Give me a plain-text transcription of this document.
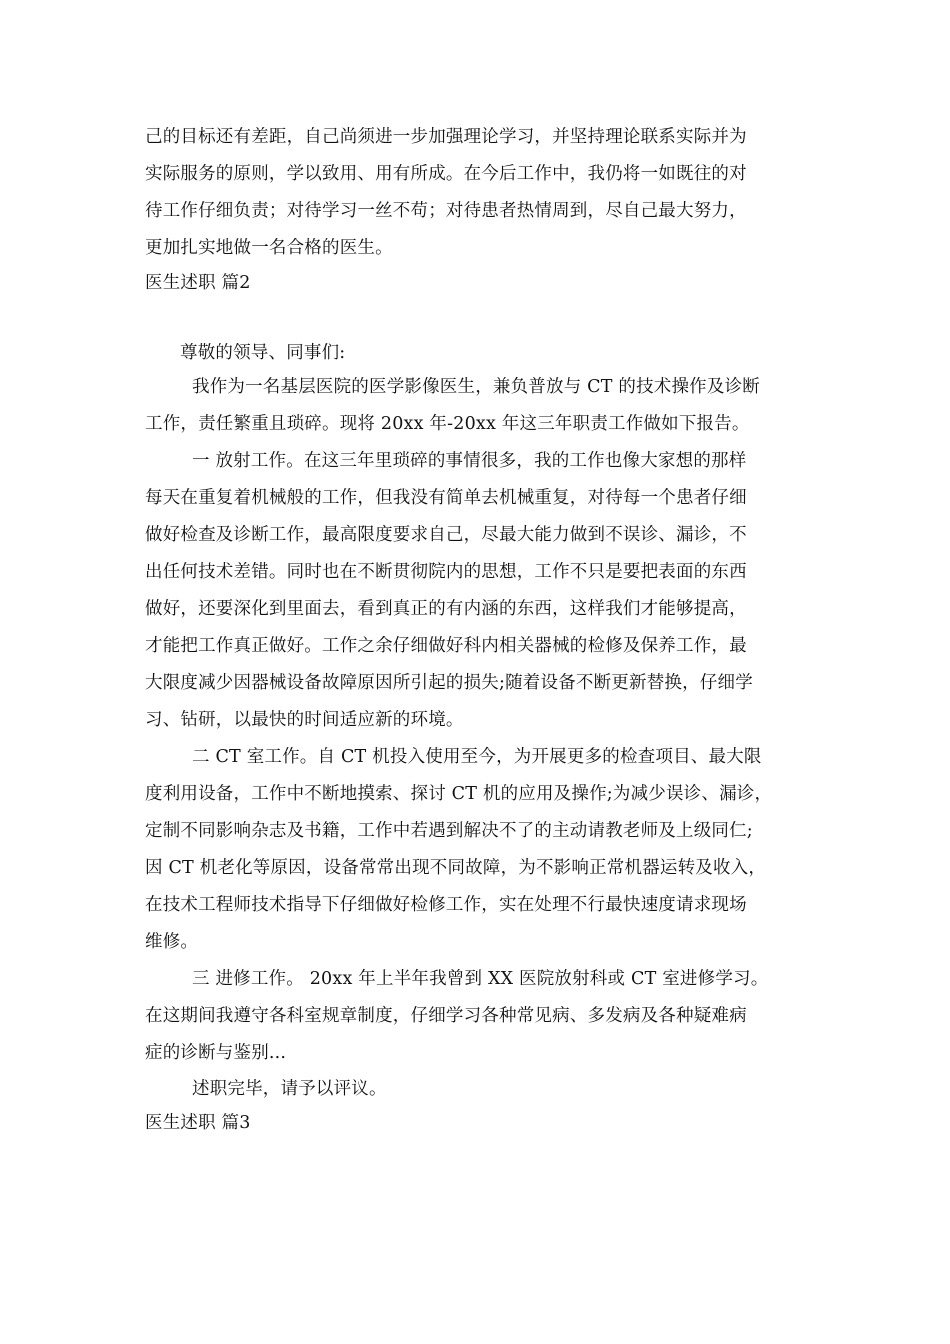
己的目标还有差距，自己尚须进一步加强理论学习，并坚持理论联系实际并为
实际服务的原则，学以致用、用有所成。在今后工作中，我仍将一如既往的对
待工作仔细负责；对待学习一丝不苟；对待患者热情周到，尽自己最大努力，
更加扎实地做一名合格的医生。
医生述职 篇2
尊敬的领导、同事们:
我作为一名基层医院的医学影像医生，兼负普放与 CT 的技术操作及诊断
工作，责任繁重且琐碎。现将 20xx 年-20xx 年这三年职责工作做如下报告。
一 放射工作。在这三年里琐碎的事情很多，我的工作也像大家想的那样
每天在重复着机械般的工作，但我没有简单去机械重复，对待每一个患者仔细
做好检查及诊断工作，最高限度要求自己，尽最大能力做到不误诊、漏诊，不
出任何技术差错。同时也在不断贯彻院内的思想，工作不只是要把表面的东西
做好，还要深化到里面去，看到真正的有内涵的东西，这样我们才能够提高，
才能把工作真正做好。工作之余仔细做好科内相关器械的检修及保养工作，最
大限度减少因器械设备故障原因所引起的损失;随着设备不断更新替换，仔细学
习、钻研，以最快的时间适应新的环境。
二 CT 室工作。自 CT 机投入使用至今，为开展更多的检查项目、最大限
度利用设备，工作中不断地摸索、探讨 CT 机的应用及操作;为减少误诊、漏诊，
定制不同影响杂志及书籍，工作中若遇到解决不了的主动请教老师及上级同仁;
因 CT 机老化等原因，设备常常出现不同故障，为不影响正常机器运转及收入，
在技术工程师技术指导下仔细做好检修工作，实在处理不行最快速度请求现场
维修。
三 进修工作。 20xx 年上半年我曾到 XX 医院放射科或 CT 室进修学习。
在这期间我遵守各科室规章制度，仔细学习各种常见病、多发病及各种疑难病
症的诊断与鉴别...
述职完毕，请予以评议。
医生述职 篇3
